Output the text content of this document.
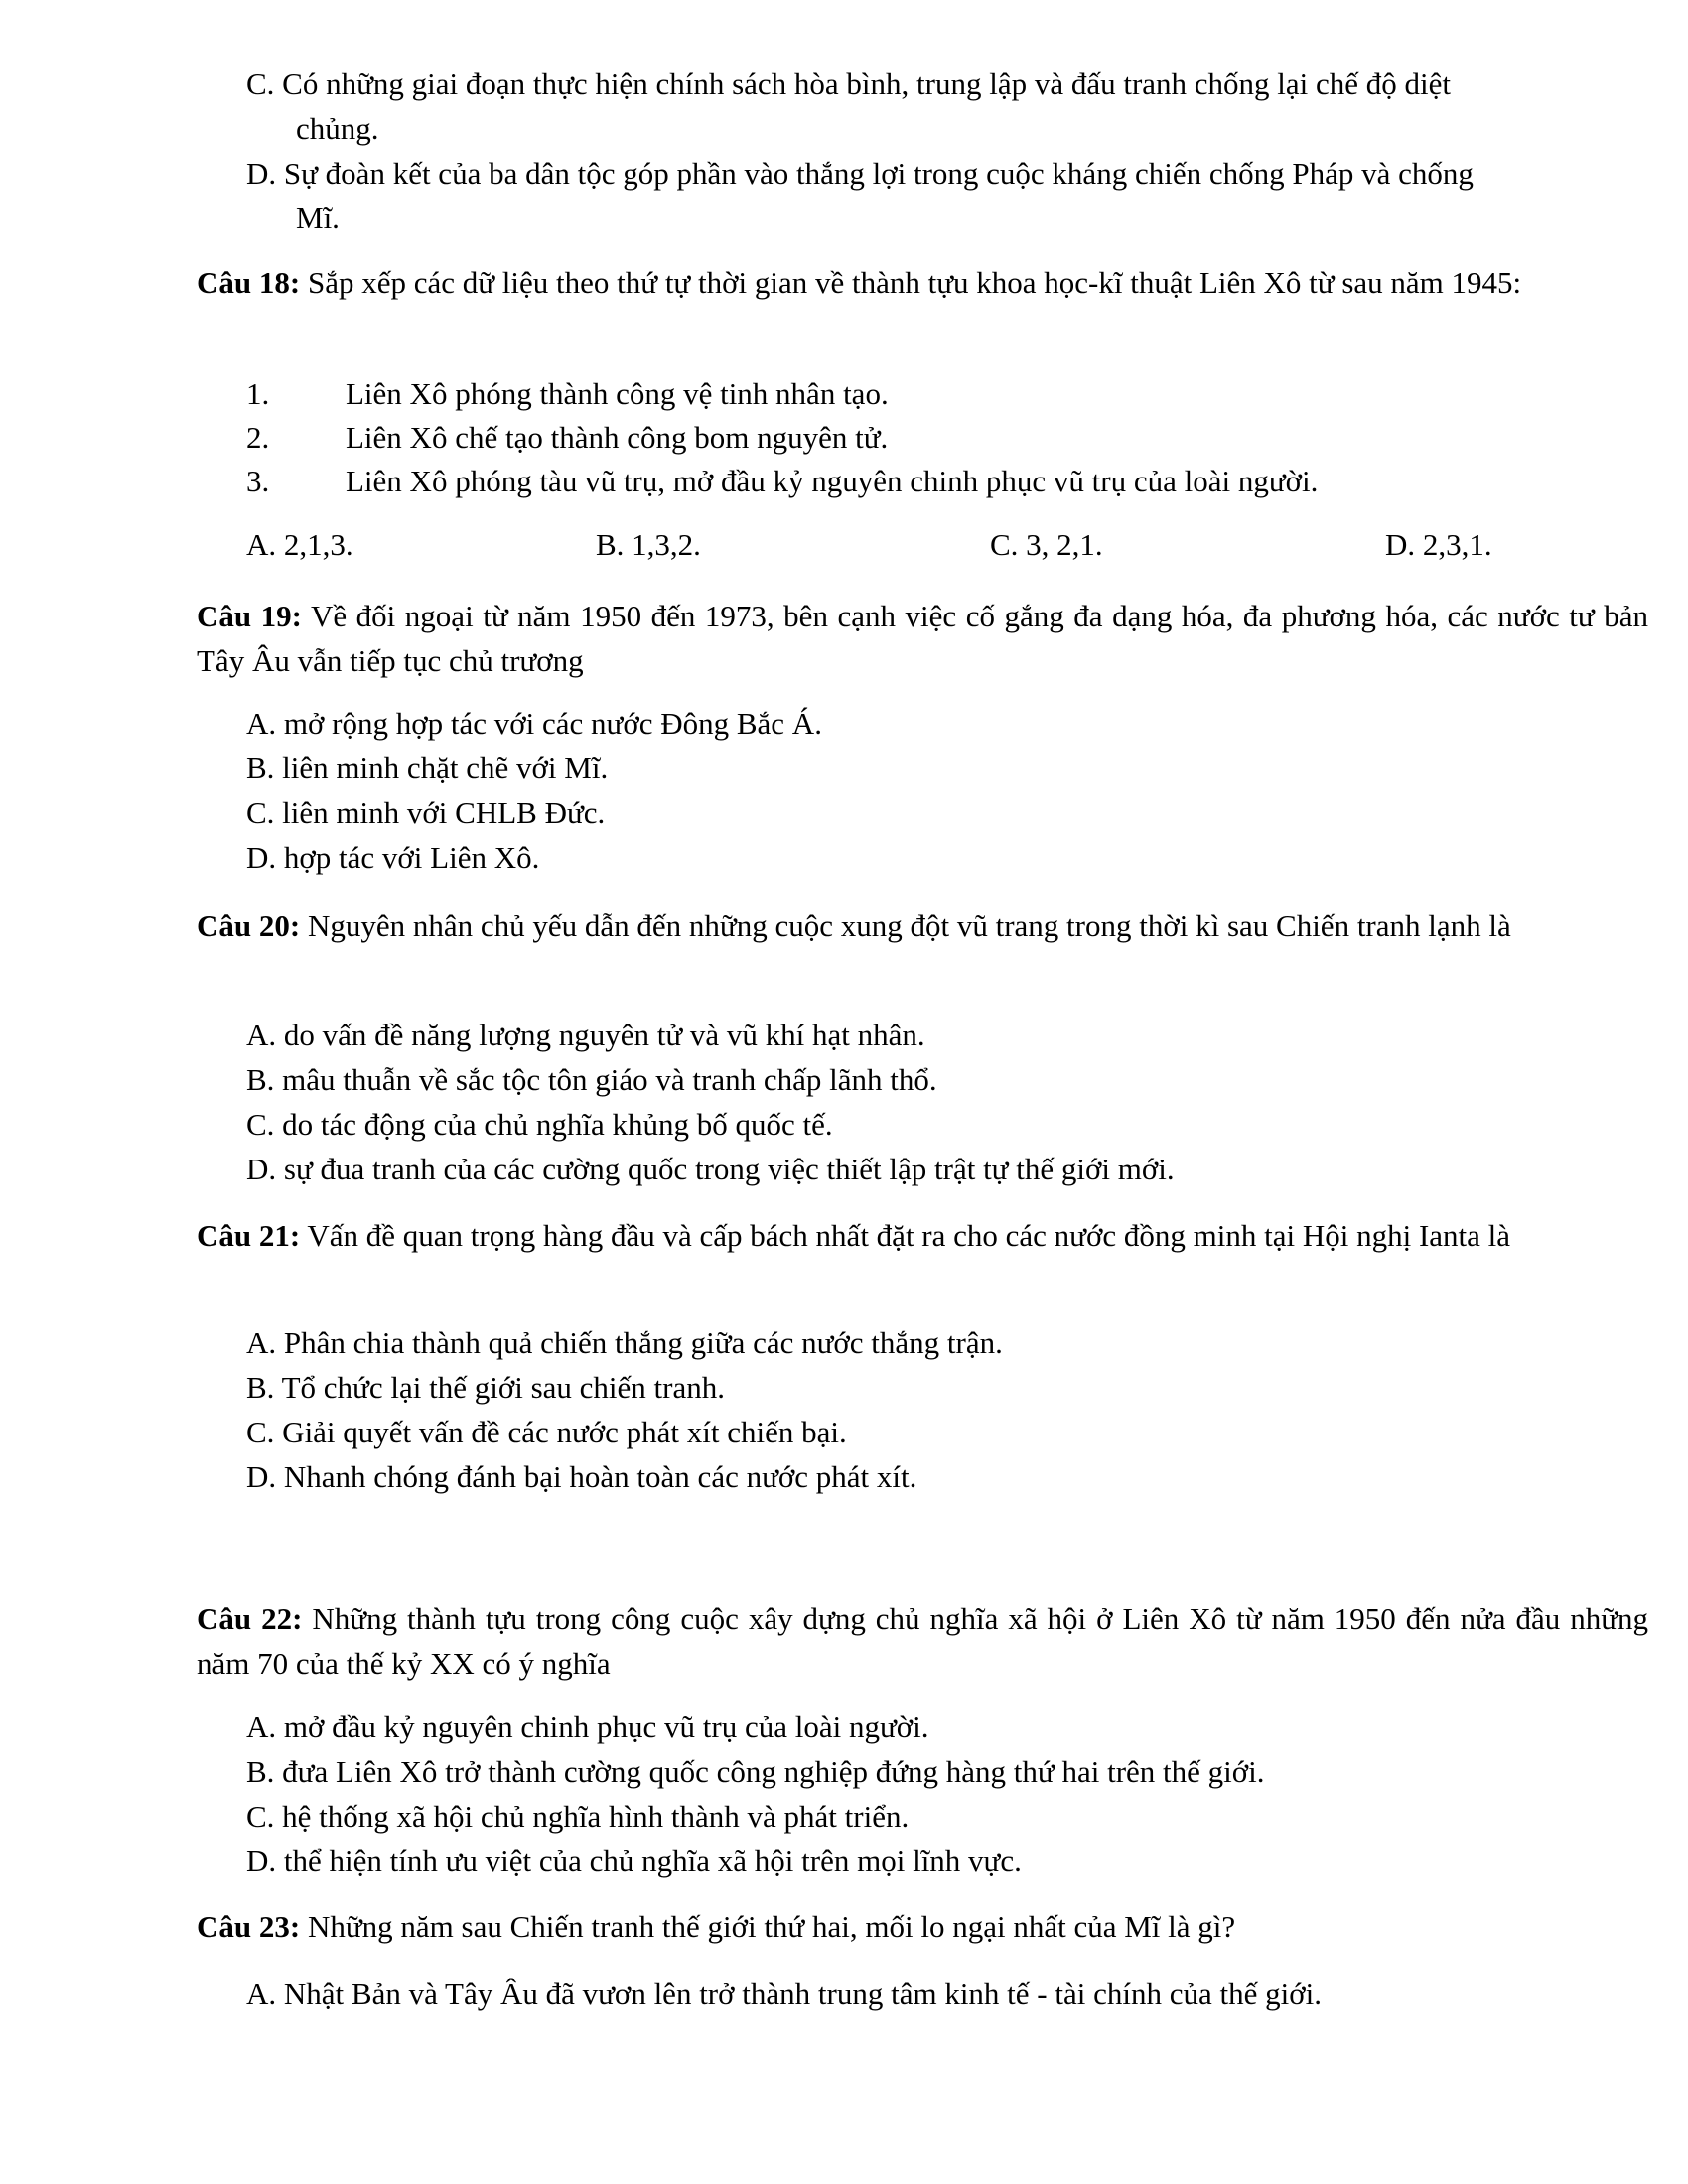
C. Có những giai đoạn thực hiện chính sách hòa bình, trung lập và đấu tranh chống lại chế độ diệt
chủng.
D. Sự đoàn kết của ba dân tộc góp phần vào thắng lợi trong cuộc kháng chiến chống Pháp và chống
Mĩ.
Câu 18: Sắp xếp các dữ liệu theo thứ tự thời gian về thành tựu khoa học-kĩ thuật Liên Xô từ sau năm 1945:
1. Liên Xô phóng thành công vệ tinh nhân tạo.
2. Liên Xô chế tạo thành công bom nguyên tử.
3. Liên Xô phóng tàu vũ trụ, mở đầu kỷ nguyên chinh phục vũ trụ của loài người.
A. 2,1,3.	B. 1,3,2.	C. 3, 2,1.	D. 2,3,1.
Câu 19: Về đối ngoại từ năm 1950 đến 1973, bên cạnh việc cố gắng đa dạng hóa, đa phương hóa, các nước tư bản Tây Âu vẫn tiếp tục chủ trương
A. mở rộng hợp tác với các nước Đông Bắc Á.
B. liên minh chặt chẽ với Mĩ.
C. liên minh với CHLB Đức.
D. hợp tác với Liên Xô.
Câu 20: Nguyên nhân chủ yếu dẫn đến những cuộc xung đột vũ trang trong thời kì sau Chiến tranh lạnh là
A. do vấn đề năng lượng nguyên tử và vũ khí hạt nhân.
B. mâu thuẫn về sắc tộc tôn giáo và tranh chấp lãnh thổ.
C. do tác động của chủ nghĩa khủng bố quốc tế.
D. sự đua tranh của các cường quốc trong việc thiết lập trật tự thế giới mới.
Câu 21: Vấn đề quan trọng hàng đầu và cấp bách nhất đặt ra cho các nước đồng minh tại Hội nghị Ianta là
A. Phân chia thành quả chiến thắng giữa các nước thắng trận.
B. Tổ chức lại thế giới sau chiến tranh.
C. Giải quyết vấn đề các nước phát xít chiến bại.
D. Nhanh chóng đánh bại hoàn toàn các nước phát xít.
Câu 22: Những thành tựu trong công cuộc xây dựng chủ nghĩa xã hội ở Liên Xô từ năm 1950 đến nửa đầu những năm 70 của thế kỷ XX có ý nghĩa
A. mở đầu kỷ nguyên chinh phục vũ trụ của loài người.
B. đưa Liên Xô trở thành cường quốc công nghiệp đứng hàng thứ hai trên thế giới.
C. hệ thống xã hội chủ nghĩa hình thành và phát triển.
D. thể hiện tính ưu việt của chủ nghĩa xã hội trên mọi lĩnh vực.
Câu 23: Những năm sau Chiến tranh thế giới thứ hai, mối lo ngại nhất của Mĩ là gì?
A. Nhật Bản và Tây Âu đã vươn lên trở thành trung tâm kinh tế - tài chính của thế giới.
